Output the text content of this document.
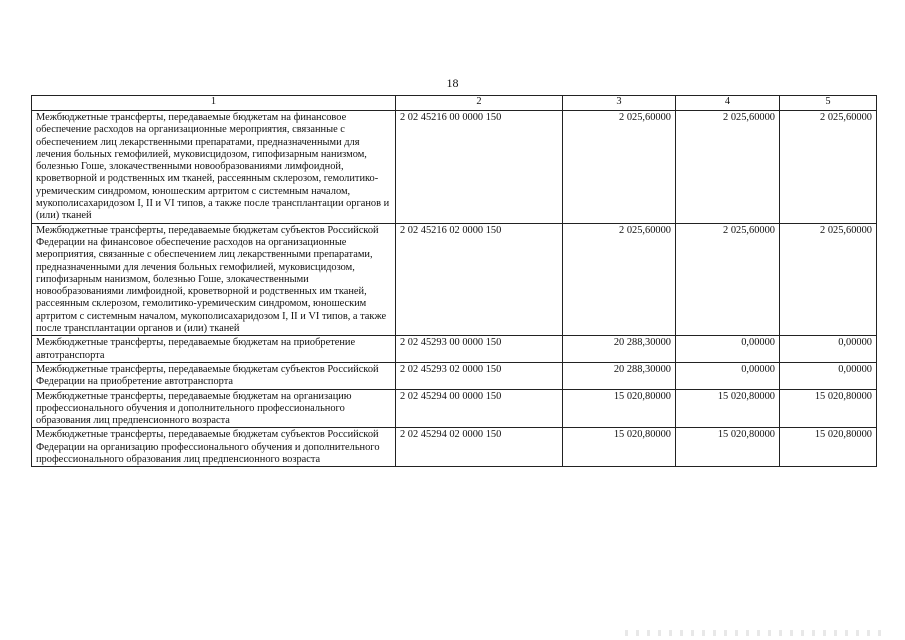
18
1	2	3	4	5
Межбюджетные трансферты, передаваемые бюджетам на финансовое обеспечение расходов на организационные мероприятия, связанные с обеспечением лиц лекарственными препаратами, предназначенными для лечения больных гемофилией, муковисцидозом, гипофизарным нанизмом, болезнью Гоше, злокачественными новообразованиями лимфоидной, кроветворной и родственных им тканей, рассеянным склерозом, гемолитико-уремическим синдромом, юношеским артритом с системным началом, мукополисахаридозом I, II и VI типов, а также после трансплантации органов и (или) тканей	2 02 45216 00 0000 150	2 025,60000	2 025,60000	2 025,60000
Межбюджетные трансферты, передаваемые бюджетам субъектов Российской Федерации на финансовое обеспечение расходов на организационные мероприятия, связанные с обеспечением лиц лекарственными препаратами, предназначенными для лечения больных гемофилией, муковисцидозом, гипофизарным нанизмом, болезнью Гоше, злокачественными новообразованиями лимфоидной, кроветворной и родственных им тканей, рассеянным склерозом, гемолитико-уремическим синдромом, юношеским артритом с системным началом, мукополисахаридозом I, II и VI типов, а также после трансплантации органов и (или) тканей	2 02 45216 02 0000 150	2 025,60000	2 025,60000	2 025,60000
Межбюджетные трансферты, передаваемые бюджетам на приобретение автотранспорта	2 02 45293 00 0000 150	20 288,30000	0,00000	0,00000
Межбюджетные трансферты, передаваемые бюджетам субъектов Российской Федерации на приобретение автотранспорта	2 02 45293 02 0000 150	20 288,30000	0,00000	0,00000
Межбюджетные трансферты, передаваемые бюджетам на организацию профессионального обучения и дополнительного профессионального образования лиц предпенсионного возраста	2 02 45294 00 0000 150	15 020,80000	15 020,80000	15 020,80000
Межбюджетные трансферты, передаваемые бюджетам субъектов Российской Федерации на организацию профессионального обучения и дополнительного профессионального образования лиц предпенсионного возраста	2 02 45294 02 0000 150	15 020,80000	15 020,80000	15 020,80000
